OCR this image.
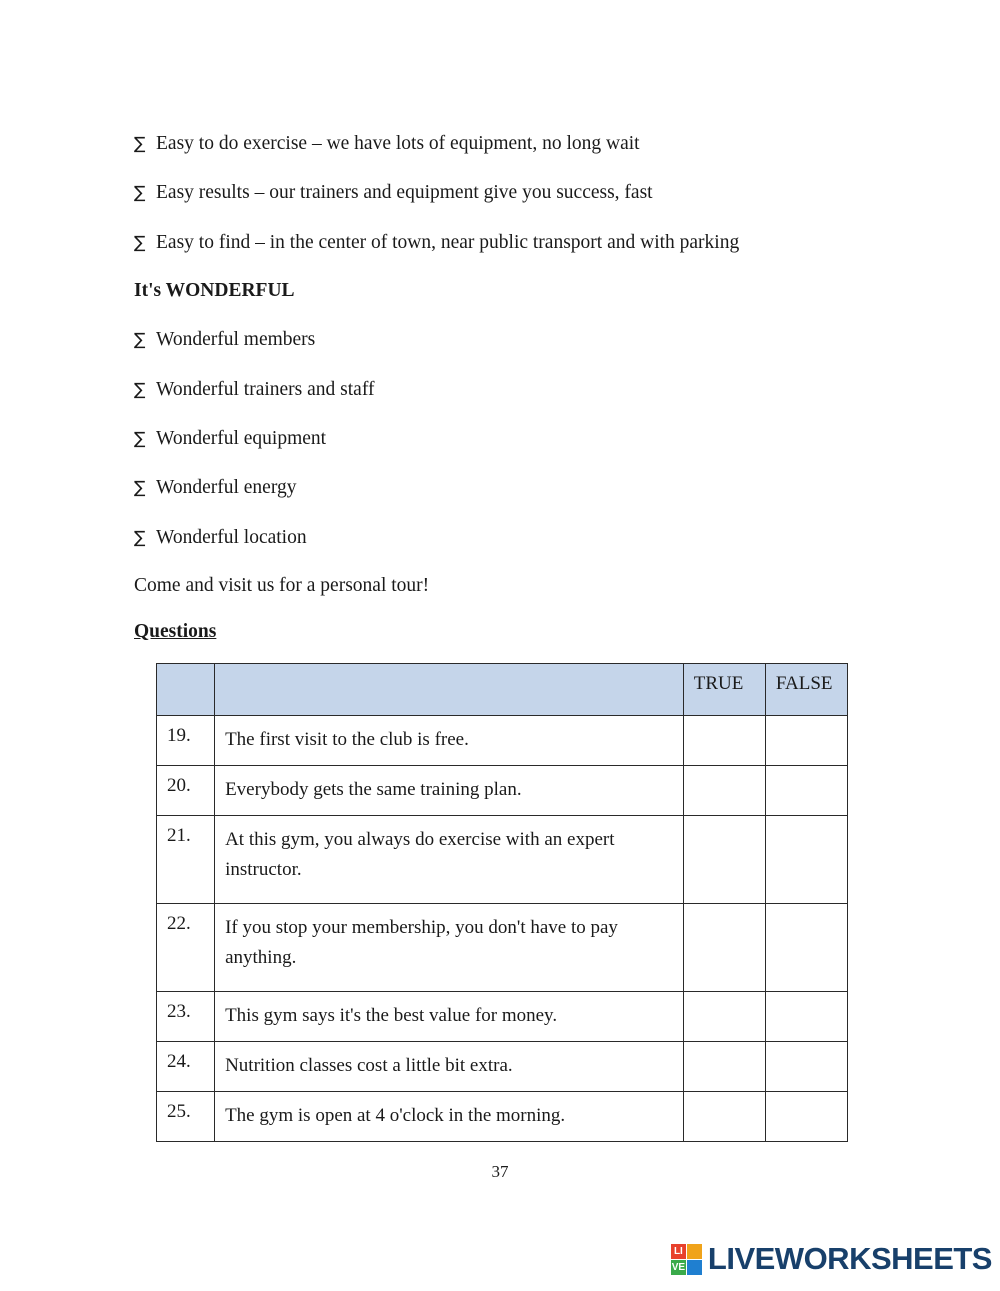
∑ Easy to do exercise – we have lots of equipment, no long wait
∑ Easy results – our trainers and equipment give you success, fast
∑ Easy to find – in the center of town, near public transport and with parking
It's WONDERFUL
∑ Wonderful members
∑ Wonderful trainers and staff
∑ Wonderful equipment
∑ Wonderful energy
∑ Wonderful location
Come and visit us for a personal tour!
Questions
		TRUE	FALSE
19.	The first visit to the club is free.		
20.	Everybody gets the same training plan.		
21.	At this gym, you always do exercise with an expert instructor.		
22.	If you stop your membership, you don't have to pay anything.		
23.	This gym says it's the best value for money.		
24.	Nutrition classes cost a little bit extra.		
25.	The gym is open at 4 o'clock in the morning.		
37
LI
VE LIVEWORKSHEETS
